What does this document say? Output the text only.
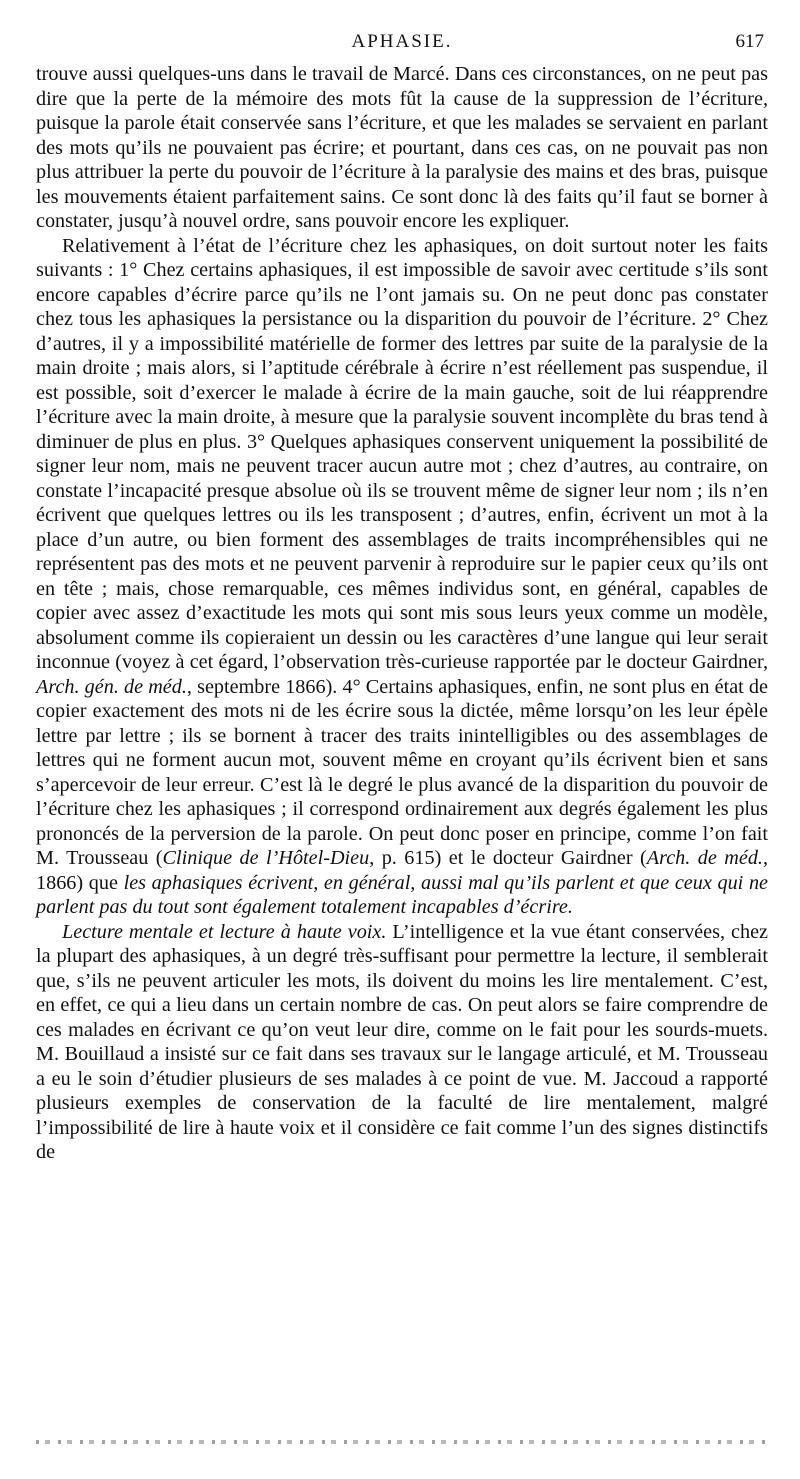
APHASIE.	617

trouve aussi quelques-uns dans le travail de Marcé. Dans ces circonstances, on ne peut pas dire que la perte de la mémoire des mots fût la cause de la suppression de l’écriture, puisque la parole était conservée sans l’écriture, et que les malades se servaient en parlant des mots qu’ils ne pouvaient pas écrire; et pourtant, dans ces cas, on ne pouvait pas non plus attribuer la perte du pouvoir de l’écriture à la paralysie des mains et des bras, puisque les mouvements étaient parfaitement sains. Ce sont donc là des faits qu’il faut se borner à constater, jusqu’à nouvel ordre, sans pouvoir encore les expliquer.

Relativement à l’état de l’écriture chez les aphasiques, on doit surtout noter les faits suivants : 1° Chez certains aphasiques, il est impossible de savoir avec certitude s’ils sont encore capables d’écrire parce qu’ils ne l’ont jamais su. On ne peut donc pas constater chez tous les aphasiques la persistance ou la disparition du pouvoir de l’écriture. 2° Chez d’autres, il y a impossibilité matérielle de former des lettres par suite de la paralysie de la main droite ; mais alors, si l’aptitude cérébrale à écrire n’est réellement pas suspendue, il est possible, soit d’exercer le malade à écrire de la main gauche, soit de lui réapprendre l’écriture avec la main droite, à mesure que la paralysie souvent incomplète du bras tend à diminuer de plus en plus. 3° Quelques aphasiques conservent uniquement la possibilité de signer leur nom, mais ne peuvent tracer aucun autre mot ; chez d’autres, au contraire, on constate l’incapacité presque absolue où ils se trouvent même de signer leur nom ; ils n’en écrivent que quelques lettres ou ils les transposent ; d’autres, enfin, écrivent un mot à la place d’un autre, ou bien forment des assemblages de traits incompréhensibles qui ne représentent pas des mots et ne peuvent parvenir à reproduire sur le papier ceux qu’ils ont en tête ; mais, chose remarquable, ces mêmes individus sont, en général, capables de copier avec assez d’exactitude les mots qui sont mis sous leurs yeux comme un modèle, absolument comme ils copieraient un dessin ou les caractères d’une langue qui leur serait inconnue (voyez à cet égard, l’observation très-curieuse rapportée par le docteur Gairdner, Arch. gén. de méd., septembre 1866). 4° Certains aphasiques, enfin, ne sont plus en état de copier exactement des mots ni de les écrire sous la dictée, même lorsqu’on les leur épèle lettre par lettre ; ils se bornent à tracer des traits inintelligibles ou des assemblages de lettres qui ne forment aucun mot, souvent même en croyant qu’ils écrivent bien et sans s’apercevoir de leur erreur. C’est là le degré le plus avancé de la disparition du pouvoir de l’écriture chez les aphasiques ; il correspond ordinairement aux degrés également les plus prononcés de la perversion de la parole. On peut donc poser en principe, comme l’on fait M. Trousseau (Clinique de l’Hôtel-Dieu, p. 615) et le docteur Gairdner (Arch. de méd., 1866) que les aphasiques écrivent, en général, aussi mal qu’ils parlent et que ceux qui ne parlent pas du tout sont également totalement incapables d’écrire.

Lecture mentale et lecture à haute voix. L’intelligence et la vue étant conservées, chez la plupart des aphasiques, à un degré très-suffisant pour permettre la lecture, il semblerait que, s’ils ne peuvent articuler les mots, ils doivent du moins les lire mentalement. C’est, en effet, ce qui a lieu dans un certain nombre de cas. On peut alors se faire comprendre de ces malades en écrivant ce qu’on veut leur dire, comme on le fait pour les sourds-muets. M. Bouillaud a insisté sur ce fait dans ses travaux sur le langage articulé, et M. Trousseau a eu le soin d’étudier plusieurs de ses malades à ce point de vue. M. Jaccoud a rapporté plusieurs exemples de conservation de la faculté de lire mentalement, malgré l’impossibilité de lire à haute voix et il considère ce fait comme l’un des signes distinctifs de
